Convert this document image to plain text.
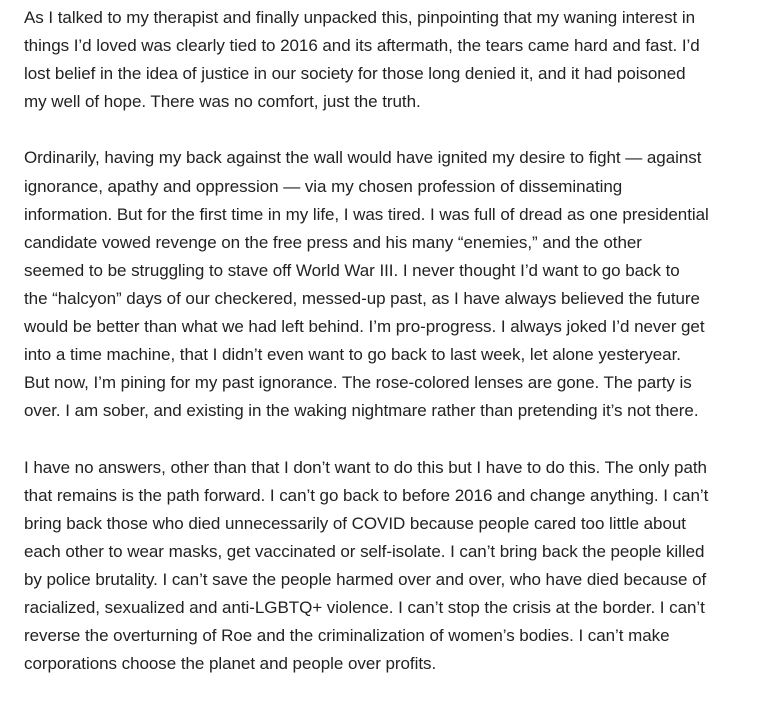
As I talked to my therapist and finally unpacked this, pinpointing that my waning interest in
things I’d loved was clearly tied to 2016 and its aftermath, the tears came hard and fast. I’d
lost belief in the idea of justice in our society for those long denied it, and it had poisoned
my well of hope. There was no comfort, just the truth.

Ordinarily, having my back against the wall would have ignited my desire to fight — against
ignorance, apathy and oppression — via my chosen profession of disseminating
information. But for the first time in my life, I was tired. I was full of dread as one presidential
candidate vowed revenge on the free press and his many “enemies,” and the other
seemed to be struggling to stave off World War III. I never thought I’d want to go back to
the “halcyon” days of our checkered, messed-up past, as I have always believed the future
would be better than what we had left behind. I’m pro-progress. I always joked I’d never get
into a time machine, that I didn’t even want to go back to last week, let alone yesteryear.
But now, I’m pining for my past ignorance. The rose-colored lenses are gone. The party is
over. I am sober, and existing in the waking nightmare rather than pretending it’s not there.

I have no answers, other than that I don’t want to do this but I have to do this. The only path
that remains is the path forward. I can’t go back to before 2016 and change anything. I can’t
bring back those who died unnecessarily of COVID because people cared too little about
each other to wear masks, get vaccinated or self-isolate. I can’t bring back the people killed
by police brutality. I can’t save the people harmed over and over, who have died because of
racialized, sexualized and anti-LGBTQ+ violence. I can’t stop the crisis at the border. I can’t
reverse the overturning of Roe and the criminalization of women’s bodies. I can’t make
corporations choose the planet and people over profits.
